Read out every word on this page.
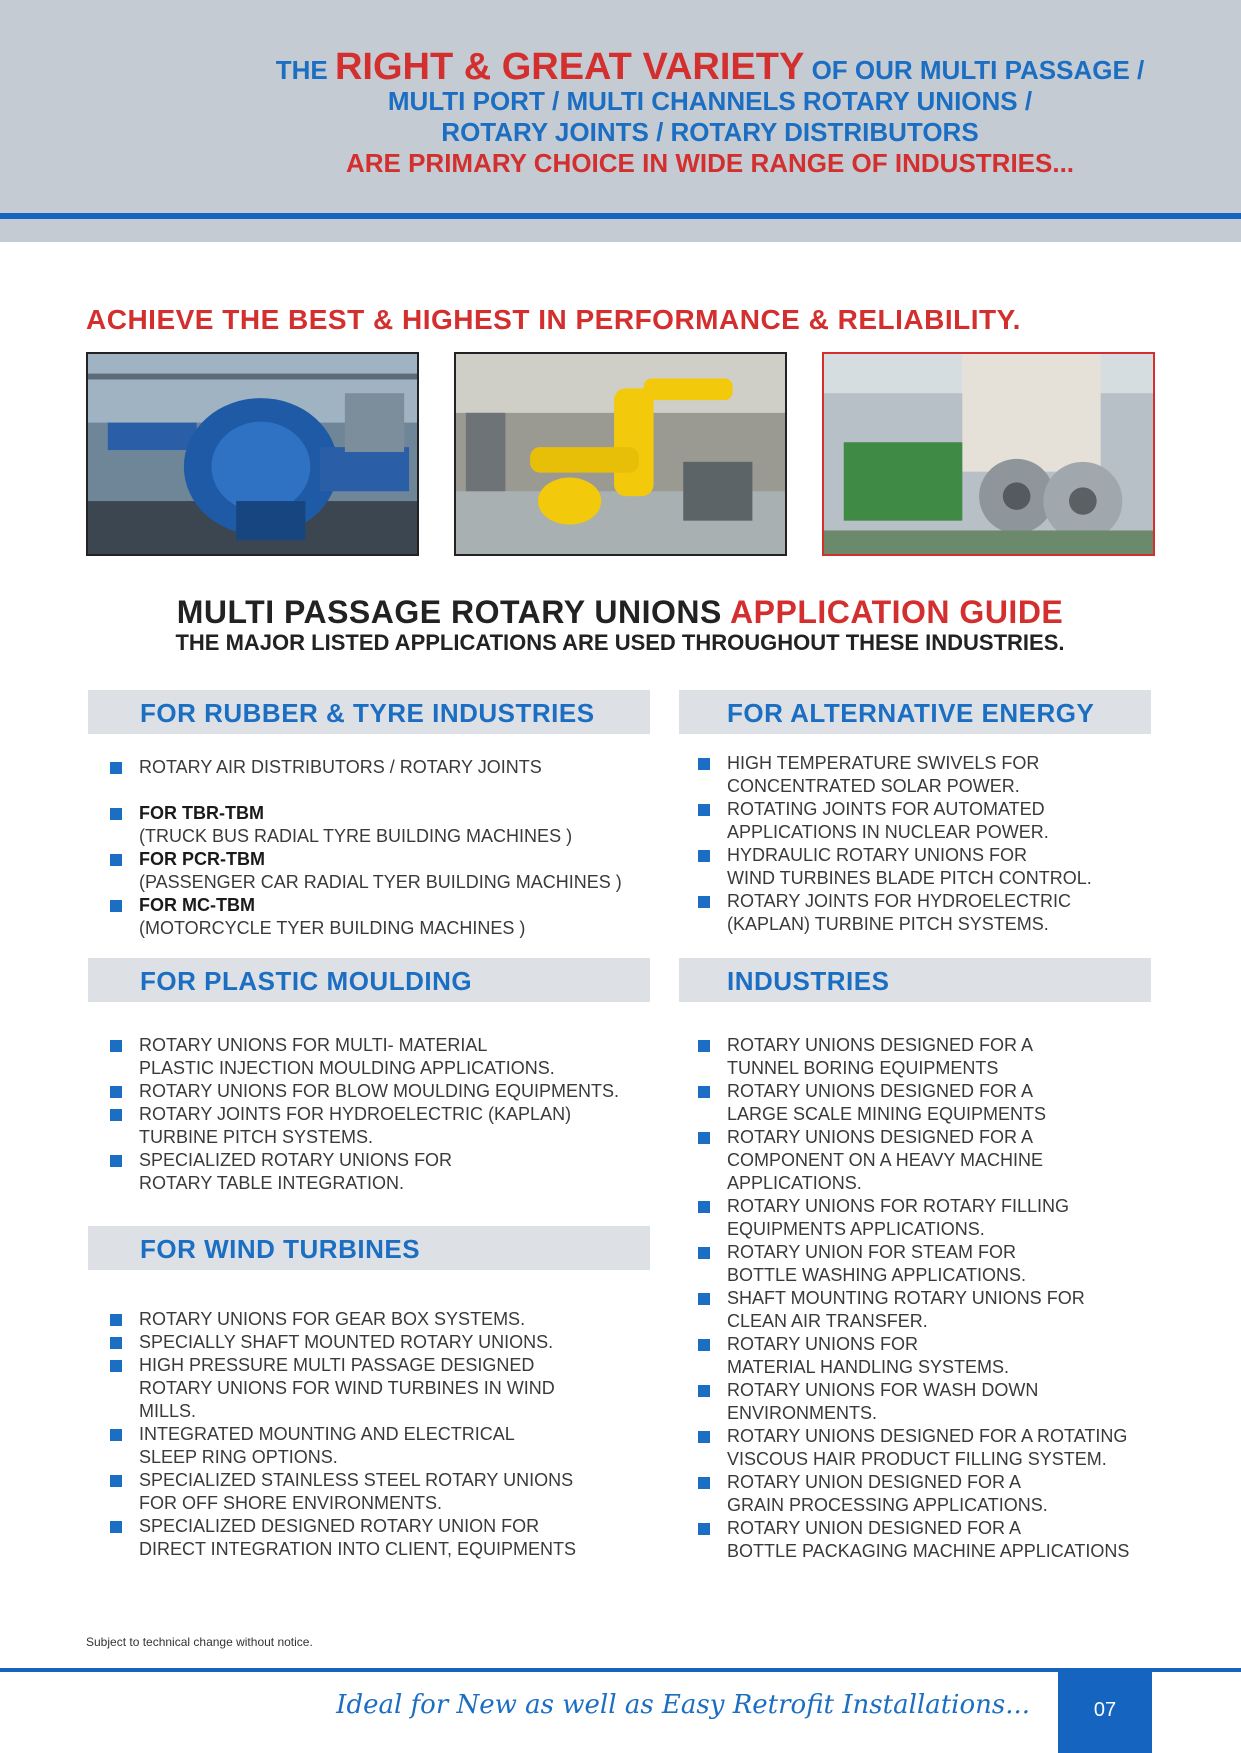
THE RIGHT & GREAT VARIETY OF OUR MULTI PASSAGE /
MULTI PORT / MULTI CHANNELS ROTARY UNIONS /
ROTARY JOINTS / ROTARY DISTRIBUTORS
ARE PRIMARY CHOICE IN WIDE RANGE OF INDUSTRIES...
ACHIEVE THE BEST & HIGHEST IN PERFORMANCE & RELIABILITY.
MULTI PASSAGE ROTARY UNIONS APPLICATION GUIDE
THE MAJOR LISTED APPLICATIONS ARE USED THROUGHOUT THESE INDUSTRIES.
FOR RUBBER & TYRE INDUSTRIES
ROTARY AIR DISTRIBUTORS / ROTARY JOINTS
FOR TBR-TBM
(TRUCK BUS RADIAL TYRE BUILDING MACHINES )
FOR PCR-TBM
(PASSENGER CAR RADIAL TYER BUILDING MACHINES )
FOR MC-TBM
(MOTORCYCLE TYER BUILDING MACHINES )
FOR ALTERNATIVE ENERGY
HIGH TEMPERATURE SWIVELS FOR
CONCENTRATED SOLAR POWER.
ROTATING JOINTS FOR AUTOMATED
APPLICATIONS IN NUCLEAR POWER.
HYDRAULIC ROTARY UNIONS FOR
WIND TURBINES BLADE PITCH CONTROL.
ROTARY JOINTS FOR HYDROELECTRIC
(KAPLAN) TURBINE PITCH SYSTEMS.
FOR PLASTIC MOULDING
ROTARY UNIONS FOR MULTI- MATERIAL
PLASTIC INJECTION MOULDING APPLICATIONS.
ROTARY UNIONS FOR BLOW MOULDING EQUIPMENTS.
ROTARY JOINTS FOR HYDROELECTRIC (KAPLAN)
TURBINE PITCH SYSTEMS.
SPECIALIZED ROTARY UNIONS FOR
ROTARY TABLE INTEGRATION.
INDUSTRIES
ROTARY UNIONS DESIGNED FOR A
TUNNEL BORING EQUIPMENTS
ROTARY UNIONS DESIGNED FOR A
LARGE SCALE MINING EQUIPMENTS
ROTARY UNIONS DESIGNED FOR A
COMPONENT ON A HEAVY MACHINE
APPLICATIONS.
ROTARY UNIONS FOR ROTARY FILLING
EQUIPMENTS APPLICATIONS.
ROTARY UNION FOR STEAM FOR
BOTTLE WASHING APPLICATIONS.
SHAFT MOUNTING ROTARY UNIONS FOR
CLEAN AIR TRANSFER.
ROTARY UNIONS FOR
MATERIAL HANDLING SYSTEMS.
ROTARY UNIONS FOR WASH DOWN
ENVIRONMENTS.
ROTARY UNIONS DESIGNED FOR A ROTATING
VISCOUS HAIR PRODUCT FILLING SYSTEM.
ROTARY UNION DESIGNED FOR A
GRAIN PROCESSING APPLICATIONS.
ROTARY UNION DESIGNED FOR A
BOTTLE PACKAGING MACHINE APPLICATIONS
FOR WIND TURBINES
ROTARY UNIONS FOR GEAR BOX SYSTEMS.
SPECIALLY SHAFT MOUNTED ROTARY UNIONS.
HIGH PRESSURE MULTI PASSAGE DESIGNED
ROTARY UNIONS FOR WIND TURBINES IN WIND
MILLS.
INTEGRATED MOUNTING AND ELECTRICAL
SLEEP RING OPTIONS.
SPECIALIZED STAINLESS STEEL ROTARY UNIONS
FOR OFF SHORE ENVIRONMENTS.
SPECIALIZED DESIGNED ROTARY UNION FOR
DIRECT INTEGRATION INTO CLIENT, EQUIPMENTS
Subject to technical change without notice.
Ideal for New as well as Easy Retrofit Installations...	07
